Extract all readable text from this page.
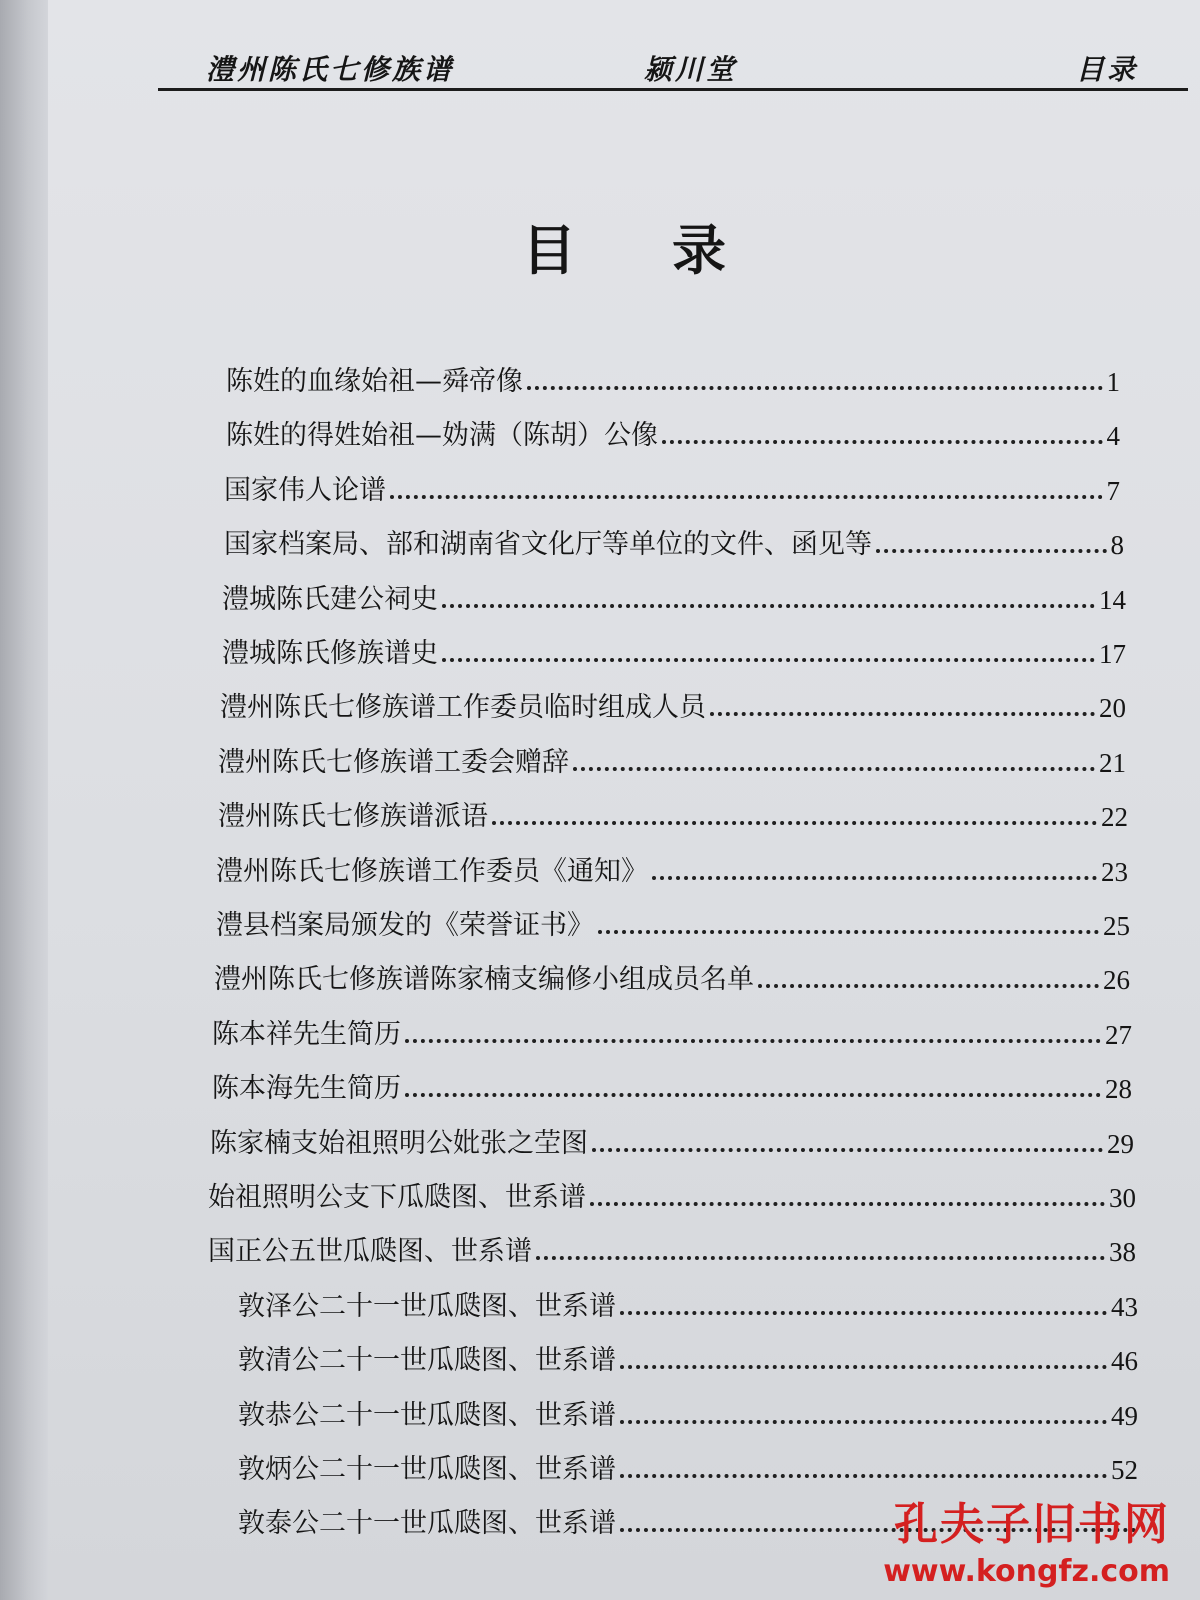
澧州陈氏七修族谱	颍川堂	目录
目录
陈姓的血缘始祖—舜帝像	1
陈姓的得姓始祖—妫满（陈胡）公像	4
国家伟人论谱	7
国家档案局、部和湖南省文化厅等单位的文件、函见等	8
澧城陈氏建公祠史	14
澧城陈氏修族谱史	17
澧州陈氏七修族谱工作委员临时组成人员	20
澧州陈氏七修族谱工委会赠辞	21
澧州陈氏七修族谱派语	22
澧州陈氏七修族谱工作委员《通知》	23
澧县档案局颁发的《荣誉证书》	25
澧州陈氏七修族谱陈家楠支编修小组成员名单	26
陈本祥先生简历	27
陈本海先生简历	28
陈家楠支始祖照明公妣张之茔图	29
始祖照明公支下瓜瓞图、世系谱	30
国正公五世瓜瓞图、世系谱	38
敦泽公二十一世瓜瓞图、世系谱	43
敦清公二十一世瓜瓞图、世系谱	46
敦恭公二十一世瓜瓞图、世系谱	49
敦炳公二十一世瓜瓞图、世系谱	52
敦泰公二十一世瓜瓞图、世系谱	孔夫子旧书网
www.kongfz.com
